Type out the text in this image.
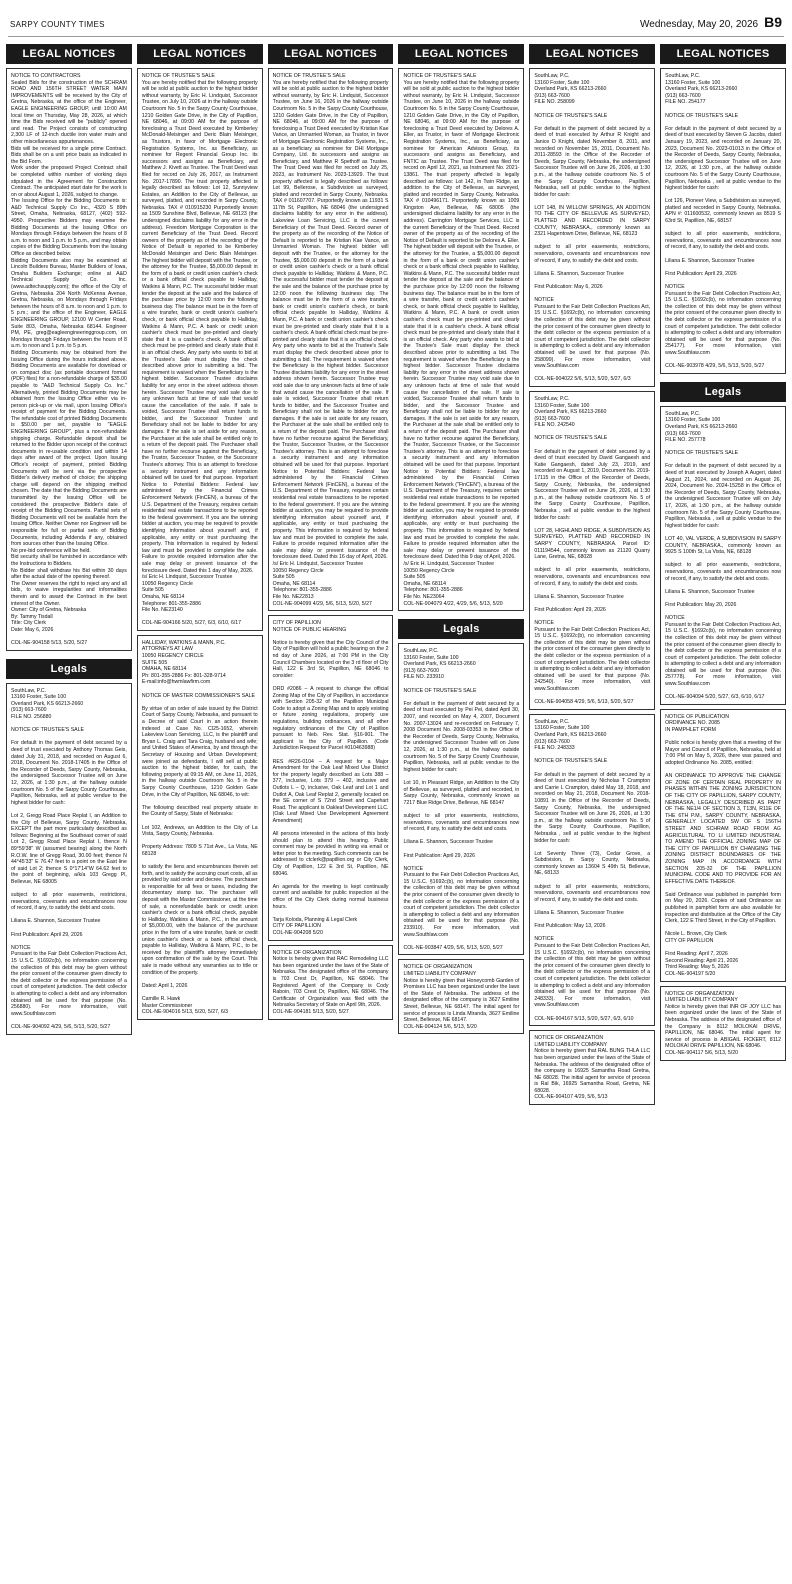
SARPY COUNTY TIMES	Wednesday, May 20, 2026 B9
LEGAL NOTICES
NOTICE TO CONTRACTORS
Sealed Bids for the construction of the SCHRAM ROAD AND 156TH STREET WATER MAIN IMPROVEMENTS will be received by the City of Gretna, Nebraska, at the office of the Engineer, EAGLE ENGINEERING GROUP, until 10:00 AM local time on Thursday, May 28, 2026, at which time the Bids received will be "publicly" opened and read. The Project consists of constructing 2,300 LF of 12-inch ductile iron water main and other miscellaneous appurtenances.
Bids will be received for a single prime Contract. Bids shall be on a unit price basis as indicated in the Bid Form.
Work under the proposed Project Contract shall be completed within number of working days stipulated in the Agreement for Construction Contract. The anticipated start date for the work is on or about August 1, 2026, subject to change.
The Issuing Office for the Bidding Documents is: A&D Technical Supply Co Inc., 4320 S 89th Street, Omaha, Nebraska, 68127, (402) 592-4950. Prospective Bidders may examine the Bidding Documents at the Issuing Office on Mondays through Fridays between the hours of 8 a.m. to noon and 1 p.m. to 5 p.m., and may obtain copies of the Bidding Documents from the Issuing Office as described below.
Bidding Documents also may be examined at Lincoln Builders Bureau, Master Builders of Iowa, Omaha Builders Exchange; online at A&D Technical Supply Co. Inc. (www.adtechsupply.com); the office of the City of Gretna, Nebraska 204 North McKenna Avenue, Gretna, Nebraska, on Mondays through Fridays between the hours of 8 a.m. to noon and 1 p.m. to 5 p.m.; and the office of the Engineer, EAGLE ENGINEERING GROUP, 12100 W Center Road, Suite 803, Omaha, Nebraska 68144. Engineer PM, PE, greg@eagleengineeringgroup.com, on Mondays through Fridays between the hours of 8 a.m. to noon and 1 p.m. to 5 p.m.
Bidding Documents may be obtained from the Issuing Office during the hours indicated above. Bidding Documents are available for download or on compact disc (as portable document format (PDF) files) for a non-refundable charge of $35.00 payable to "A&D Technical Supply Co. Inc." Alternatively, printed Bidding Documents may be obtained from the Issuing Office either via in-person pick-up or via mail, upon Issuing Office's receipt of payment for the Bidding Documents. The refundable cost of printed Bidding Documents is $50.00 per set, payable to "EAGLE ENGINEERING GROUP", plus a non-refundable shipping charge. Refundable deposit shall be returned to the Bidder upon receipt of the contract documents in re-usable condition and within 14 days after award of the project. Upon Issuing Office's receipt of payment, printed Bidding Documents will be sent via the prospective Bidder's delivery method of choice; the shipping charge will depend on the shipping method chosen. The date that the Bidding Documents are transmitted by the Issuing Office will be considered the prospective Bidder's date of receipt of the Bidding Documents. Partial sets of Bidding Documents will not be available from the Issuing Office. Neither Owner nor Engineer will be responsible for full or partial sets of Bidding Documents, including Addenda if any, obtained from sources other than the Issuing Office.
No pre-bid conference will be held.
Bid security shall be furnished in accordance with the Instructions to Bidders.
No Bidder shall withdraw his Bid within 30 days after the actual date of the opening thereof.
The Owner reserves the right to reject any and all bids, to waive irregularities and informalities therein and to award the Contract in the best interest of the Owner.
Owner: City of Gretna, Nebraska
By: Tammy Tisdall
Title: City Clerk
Date: May 6, 2026

COL-NE-904158 5/13, 5/20, 5/27
Legals
SouthLaw, P.C.
13160 Foster, Suite 100
Overland Park, KS 66213-2660
(913) 663-7600
FILE NO. 256880

NOTICE OF TRUSTEE'S SALE

For default in the payment of debt secured by a deed of trust executed by Anthony Thomas Geis, dated July 31, 2018, and recorded on August 6, 2018, Document No. 2018-17405 in the Office of the Recorder of Deeds, Sarpy County, Nebraska, the undersigned Successor Trustee will on June 12, 2026, at 1:30 p.m., at the hallway outside courtroom No. 5 of the Sarpy County Courthouse, Papillion, Nebraska, sell at public vendue to the highest bidder for cash:

Lot 2, Gregg Road Place Replat I, an Addition to the City of Bellevue, Sarpy County, Nebraska, EXCEPT the part more particularly described as follows: Beginning at the Southeast corner of said Lot 2, Gregg Road Place Replat I, thence N 89°59'38" W (assumed bearing) along the North R.O.W. line of Gregg Road, 30.00 feet; thence N 44°45'33" E 76.47 feet to a point on the East line of said Lot 2; thence S 0°17'14"W 64.62 feet to the point of beginning, a/k/a 103 Gregg Pl, Bellevue, NE 68005

subject to all prior easements, restrictions, reservations, covenants and encumbrances now of record, if any, to satisfy the debt and costs.

Liliana E. Shannon, Successor Trustee

First Publication: April 29, 2026

NOTICE
Pursuant to the Fair Debt Collection Practices Act, 15 U.S.C. §1692c(b), no information concerning the collection of this debt may be given without the prior consent of the consumer given directly to the debt collector or the express permission of a court of competent jurisdiction. The debt collector is attempting to collect a debt and any information obtained will be used for that purpose (No. 256880). For more information, visit www.Southlaw.com

COL-NE-904092 4/29, 5/6, 5/13, 5/20, 5/27
LEGAL NOTICES
NOTICE OF TRUSTEE'S SALE
You are hereby notified that the following property will be sold at public auction to the highest bidder without warranty, by Eric H. Lindquist, Successor Trustee, on July 10, 2026 at in the hallway outside Courtroom No. 5 in the Sarpy County Courthouse, 1210 Golden Gate Drive, in the City of Papillion, NE 68046, at 09:00 AM for the purpose of foreclosing a Trust Deed executed by Kimberley McDonald-Meisinger and Deric Blain Meisinger, as Trustors, in favor of Mortgage Electronic Registration Systems, Inc. as Beneficiary, as nominee for Regent Financial Group Inc. its successors and assigns as Beneficiary, and Matthew J. Kivett as Trustee. The Trust Deed was filed for record on July 26, 2017, as Instrument No. 2017-17890. The trust property affected is legally described as follows: Lot 12, Sunnyview Estates, an Addition to the City of Bellevue, as surveyed, platted, and recorded in Sarpy County, Nebraska. TAX # 010915230 Purportedly known as 1509 Sunshine Blvd, Bellevue, NE 68123 (the undersigned disclaims liability for any error in the address). Freedom Mortgage Corporation is the current Beneficiary of the Trust Deed. Record owners of the property as of the recording of the Notice of Default is reported to be Kimberley McDonald Meisinger and Deric Blain Meisinger. The highest bidder will deposit with the Trustee, or the attorney for the Trustee, $5,000.00 deposit in the form of a bank or credit union cashier's check or a bank official check payable to Halliday, Watkins & Mann, P.C. The successful bidder must tender the deposit at the sale and the balance of the purchase price by 12:00 noon the following business day. The balance must be in the form of a wire transfer, bank or credit union's cashier's check, or bank official check payable to Halliday, Watkins & Mann, P.C. A bank or credit union cashier's check must be pre-printed and clearly state that it is a cashier's check. A bank official check must be pre-printed and clearly state that it is an official check. Any party who wants to bid at the Trustee's Sale must display the check described above prior to submitting a bid. The requirement is waived when the Beneficiary is the highest bidder. Successor Trustee disclaims liability for any error in the street address shown herein. Successor Trustee may void sale due to any unknown facts at time of sale that would cause the cancellation of the sale. If sale is voided, Successor Trustee shall return funds to bidder, and the Successor Trustee and Beneficiary shall not be liable to bidder for any damages. If the sale is set aside for any reason, the Purchaser at the sale shall be entitled only to a return of the deposit paid. The Purchaser shall have no further recourse against the Beneficiary, the Trustor, Successor Trustee, or the Successor Trustee's attorney. This is an attempt to foreclose a security instrument and any information obtained will be used for that purpose. Important Notice to Potential Bidders: Federal law administered by the Financial Crimes Enforcement Network (FinCEN), a bureau of the U.S. Department of the Treasury, requires certain residential real estate transactions to be reported to the federal government. If you are the winning bidder at auction, you may be required to provide identifying information about yourself and, if applicable, any entity or trust purchasing the property. This information is required by federal law and must be provided to complete the sale. Failure to provide required information after the sale may delay or prevent issuance of the foreclosure deed. Dated this 1 day of May, 2026.
/s/ Eric H. Lindquist, Successor Trustee
10050 Regency Circle
Suite 505
Omaha, NE 68114
Telephone: 801-355-2886
File No. NE23140

COL-NE-904166 5/20, 5/27, 6/3, 6/10, 6/17
HALLIDAY, WATKINS & MANN, P.C.
ATTORNEYS AT LAW
10050 REGENCY CIRCLE
SUITE 505
OMAHA, NE 68114
Ph: 801-355-2886 Fx: 801-328-9714
E-mail:info@hwmlawfirm.com

NOTICE OF MASTER COMMISSIONER'S SALE

By virtue of an order of sale issued by the District Court of Sarpy County, Nebraska, and pursuant to a Decree of said Court in an action therein indexed at Case No. CI25-1652, wherein Lakeview Loan Servicing, LLC, is the plaintiff and Bryan L. Craig and Tara Craig, husband and wife; and United States of America, by and through the Secretary of Housing and Urban Development; were joined as defendants, I will sell at public auction to the highest bidder, for cash, the following property at 09:15 AM, on June 11, 2026, in the hallway outside Courtroom No. 5 in the Sarpy County Courthouse, 1210 Golden Gate Drive, in the City of Papillion, NE 68046, to wit:

The following described real property situate in the County of Sarpy, State of Nebraska:

Lot 102, Andrews, an Addition to the City of La Vista, Sarpy County, Nebraska.

Property Address: 7809 S 71st Ave., La Vista, NE 68128

to satisfy the liens and encumbrances therein set forth, and to satisfy the accruing court costs, all as provided by said order and decree. The purchaser is responsible for all fees or taxes, including the documentary stamp tax. The purchaser will deposit with the Master Commissioner, at the time of sale, a nonrefundable bank or credit union cashier's check or a bank official check, payable to Halliday, Watkins & Mann, P.C., in the amount of $5,000.00, with the balance of the purchase price in the form of a wire transfer, bank or credit union cashier's check or a bank official check, payable to Halliday, Watkins & Mann, P.C., to be received by the plaintiff's attorney immediately upon confirmation of the sale by the Court. This sale is made without any warranties as to title or condition of the property.

Dated: April 1, 2026

Camille R. Hawk
Master Commissioner
COL-NE-904016 5/13, 5/20, 5/27, 6/3
LEGAL NOTICES
NOTICE OF TRUSTEE'S SALE
You are hereby notified that the following property will be sold at public auction to the highest bidder without warranty, by Eric H. Lindquist, Successor Trustee, on June 16, 2026 in the hallway outside Courtroom No. 5 in the Sarpy County Courthouse, 1210 Golden Gate Drive, in the City of Papillion, NE 68046, at 09:00 AM for the purpose of foreclosing a Trust Deed executed by Kristian Kae Vance, an Unmarried Woman, as Trustor, in favor of Mortgage Electronic Registration Systems, Inc., as a beneficiary as nominee for DHI Mortgage Company, Ltd. its successors and assigns as Beneficiary, and Matthew R Spethoff as Trustee. The Trust Deed was filed for record on July 25, 2023, as Instrument No. 2023-13929. The trust property affected is legally described as follows: Lot 99, Bellerose, a Subdivision as surveyed, platted and recorded in Sarpy County, Nebraska. TAX # 011607707. Purportedly known as 11931 S 117th St, Papillion, NE 68046 (the undersigned disclaims liability for any error in the address). Lakeview Loan Servicing, LLC is the current Beneficiary of the Trust Deed. Record owner of the property as of the recording of the Notice of Default is reported to be Kristian Kae Vance, an Unmarried Woman. The highest bidder will deposit with the Trustee, or the attorney for the Trustee, $5,000.00 deposit in the form of a bank or credit union cashier's check or a bank official check payable to Halliday, Watkins & Mann, P.C. The successful bidder must tender the deposit at the sale and the balance of the purchase price by 12:00 noon the following business day. The balance must be in the form of a wire transfer, bank or credit union's cashier's check, or bank official check payable to Halliday, Watkins & Mann, P.C. A bank or credit union cashier's check must be pre-printed and clearly state that it is a cashier's check. A bank official check must be pre-printed and clearly state that it is an official check. Any party who wants to bid at the Trustee's Sale must display the check described above prior to submitting a bid. The requirement is waived when the Beneficiary is the highest bidder. Successor Trustee disclaims liability for any error in the street address shown herein. Successor Trustee may void sale due to any unknown facts at time of sale that would cause the cancellation of the sale. If sale is voided, Successor Trustee shall return funds to bidder, and the Successor Trustee and Beneficiary shall not be liable to bidder for any damages. If the sale is set aside for any reason, the Purchaser at the sale shall be entitled only to a return of the deposit paid. The Purchaser shall have no further recourse against the Beneficiary, the Trustor, Successor Trustee, or the Successor Trustee's attorney. This is an attempt to foreclose a security instrument and any information obtained will be used for that purpose. Important Notice to Potential Bidders: Federal law administered by the Financial Crimes Enforcement Network (FinCEN), a bureau of the U.S. Department of the Treasury, requires certain residential real estate transactions to be reported to the federal government. If you are the winning bidder at auction, you may be required to provide identifying information about yourself and, if applicable, any entity or trust purchasing the property. This information is required by federal law and must be provided to complete the sale. Failure to provide required information after the sale may delay or prevent issuance of the foreclosure deed. Dated this 16 day of April, 2026.
/s/ Eric H. Lindquist, Successor Trustee
10050 Regency Circle
Suite 505
Omaha, NE 68114
Telephone: 801-355-2886
File No. NE22813
COL-NE-904099 4/29, 5/6, 5/13, 5/20, 5/27
CITY OF PAPILLION
NOTICE OF PUBLIC HEARING

Notice is hereby given that the City Council of the City of Papillion will hold a public hearing on the 2 nd day of June 2026, at 7:00 PM in the City Council Chambers located on the 3 rd floor of City Hall, 122 E 3rd St, Papillion, NE 68046 to consider:

ORD #2086 – A request to change the official Zoning Map of the City of Papillion, in accordance with Section 205-32 of the Papillion Municipal Code to adopt a Zoning Map and to apply existing or future zoning regulations, property use regulations, building ordinances, and all other regulatory ordinances of the City of Papillion pursuant to Neb. Rev. Stat. §16-901. The applicant is the City of Papillion. (Code Jurisdiction Request for Parcel #010463988)

RES #R26-0104 – A request for a Major Amendment for the Oak Leaf Mixed Use District for the property legally described as Lots 388 – 377, inclusive, Lots 379 – 402, inclusive and Outlots L – Q, inclusive, Oak Leaf and Lot 1 and Outlot A, Oak Leaf Replat 2, generally located on the SE corner of S 72nd Street and Capehart Road. The applicant is Oakleaf Development LLC. (Oak Leaf Mixed Use Development Agreement Amendment)

All persons interested in the actions of this body should plan to attend this hearing. Public comment may be provided in writing via email or letter prior to the meeting. Such comments can be addressed to ctclerk@papillion.org or City Clerk, City of Papillion, 122 E 3rd St, Papillion, NE 68046.

An agenda for the meeting is kept continually current and available for public inspection at the office of the City Clerk during normal business hours.

Tarja Koloda, Planning & Legal Clerk
CITY OF PAPILLION
COL-NE-904208 5/20
NOTICE OF ORGANIZATION
Notice is hereby given that RAC Remodeling LLC has been organized under the laws of the State of Nebraska. The designated office of the company is 703 Crest Dr, Papillion, NE 68046. The Registered Agent of the Company is Cody Raboin, 703 Crest Dr, Papillion, NE 68046. The Certificate of Organization was filed with the Nebraska Secretary of State on April 9th, 2026.
COL-NE-904181 5/13, 5/20, 5/27
LEGAL NOTICES
NOTICE OF TRUSTEE'S SALE
You are hereby notified that the following property will be sold at public auction to the highest bidder without warranty, by Eric H. Lindquist, Successor Trustee, on June 10, 2026 in the hallway outside Courtroom No. 5 in the Sarpy County Courthouse, 1210 Golden Gate Drive, in the City of Papillion, NE 68046, at 09:00 AM for the purpose of foreclosing a Trust Deed executed by Delores A. Eller, as Trustor, in favor of Mortgage Electronic Registration Systems, Inc., as Beneficiary, as nominee for American Advisors Group, its successors and assigns as Beneficiary, and FNTIC as Trustee. The Trust Deed was filed for record on April 12, 2021, as Instrument No. 2021-13861. The trust property affected is legally described as follows: Lot 142, in Twin Ridge, an addition to the City of Bellevue, as surveyed, platted and recorded in Sarpy County, Nebraska. TAX # 010496171. Purportedly known as 1009 Kingston Ave, Bellevue, NE 68005 (the undersigned disclaims liability for any error in the address). Carrington Mortgage Services, LLC is the current Beneficiary of the Trust Deed. Record owner of the property as of the recording of the Notice of Default is reported to be Delores A. Eller. The highest bidder will deposit with the Trustee, or the attorney for the Trustee, a $5,000.00 deposit in the form of a bank or credit union cashier's check or a bank official check payable to Halliday, Watkins & Mann, P.C. The successful bidder must tender the deposit at the sale and the balance of the purchase price by 12:00 noon the following business day. The balance must be in the form of a wire transfer, bank or credit union's cashier's check, or bank official check payable to Halliday, Watkins & Mann, P.C. A bank or credit union cashier's check must be pre-printed and clearly state that it is a cashier's check. A bank official check must be pre-printed and clearly state that it is an official check. Any party who wants to bid at the Trustee's Sale must display the check described above prior to submitting a bid. The requirement is waived when the Beneficiary is the highest bidder. Successor Trustee disclaims liability for any error in the street address shown herein. Successor Trustee may void sale due to any unknown facts at time of sale that would cause the cancellation of the sale. If sale is voided, Successor Trustee shall return funds to bidder, and the Successor Trustee and Beneficiary shall not be liable to bidder for any damages. If the sale is set aside for any reason, the Purchaser at the sale shall be entitled only to a return of the deposit paid. The Purchaser shall have no further recourse against the Beneficiary, the Trustor, Successor Trustee, or the Successor Trustee's attorney. This is an attempt to foreclose a security instrument and any information obtained will be used for that purpose. Important Notice to Potential Bidders: Federal law administered by the Financial Crimes Enforcement Network ("FinCEN"), a bureau of the U.S. Department of the Treasury, requires certain residential real estate transactions to be reported to the federal government. If you are the winning bidder at auction, you may be required to provide identifying information about yourself and, if applicable, any entity or trust purchasing the property. This information is required by federal law and must be provided to complete the sale. Failure to provide required information after the sale may delay or prevent issuance of the foreclosure deed. Dated this 9 day of April, 2026.
/s/ Eric H. Lindquist, Successor Trustee
10050 Regency Circle
Suite 505
Omaha, NE 68114
Telephone: 801-355-2886
File No. NE23064
COL-NE-904079 4/22, 4/29, 5/6, 5/13, 5/20
Legals
SouthLaw, P.C.
13160 Foster, Suite 100
Overland Park, KS 66213-2660
(913) 663-7600
FILE NO. 233910

NOTICE OF TRUSTEE'S SALE

For default in the payment of debt secured by a deed of trust executed by Pei Pei, dated April 30, 2007, and recorded on May 4, 2007, Document No. 2007-13024 and re-recorded on February 7, 2008 Document No. 2008-03353 in the Office of the Recorder of Deeds, Sarpy County, Nebraska, the undersigned Successor Trustee will on June 12, 2026, at 1:30 p.m., at the hallway outside courtroom No. 5 of the Sarpy County Courthouse, Papillion, Nebraska, sell at public vendue to the highest bidder for cash:

Lot 10, in Pleasant Ridge, an Addition to the City of Bellevue, as surveyed, platted and recorded, in Sarpy County, Nebraska, commonly known as 7217 Blue Ridge Drive, Bellevue, NE 68147

subject to all prior easements, restrictions, reservations, covenants and encumbrances now of record, if any, to satisfy the debt and costs.

Liliana E. Shannon, Successor Trustee

First Publication: April 29, 2026

NOTICE
Pursuant to the Fair Debt Collection Practices Act, 15 U.S.C. §1692c(b), no information concerning the collection of this debt may be given without the prior consent of the consumer given directly to the debt collector or the express permission of a court of competent jurisdiction. The debt collector is attempting to collect a debt and any information obtained will be used for that purpose (No. 233910). For more information, visit www.Southlaw.com

COL-NE-903847 4/29, 5/6, 5/13, 5/20, 5/27
NOTICE OF ORGANIZATION
LIMITED LIABILITY COMPANY
Notice is hereby given that Honeycomb Garden of Promises LLC has been organized under the laws of the State of Nebraska. The address of the designated office of the company is 3627 Emiline Street, Bellevue, NE 68147. The initial agent for service of process is Linda Miranda, 3627 Emiline Street, Bellevue, NE 68147.
COL-NE-904124 5/6, 5/13, 5/20
LEGAL NOTICES
SouthLaw, P.C.
13160 Foster, Suite 100
Overland Park, KS 66213-2660
(913) 663-7600
FILE NO. 258099

NOTICE OF TRUSTEE'S SALE

For default in the payment of debt secured by a deed of trust executed by Arthur R Knight and Janice D Knight, dated November 8, 2011, and recorded on November 15, 2011, Document No. 2011-28593 in the Office of the Recorder of Deeds, Sarpy County, Nebraska, the undersigned Successor Trustee will on June 26, 2026, at 1:30 p.m., at the hallway outside courtroom No. 5 of the Sarpy County Courthouse, Papillion, Nebraska, sell at public vendue to the highest bidder for cash:

LOT 148, IN WILLOW SPRINGS, AN ADDITION TO THE CITY OF BELLEVUE AS SURVEYED, PLATTED AND RECORDED IN SARPY COUNTY, NEBRASKA., commonly known as 2321 Hagentown Drive, Bellevue, NE, 68123

subject to all prior easements, restrictions, reservations, covenants and encumbrances now of record, if any, to satisfy the debt and costs.

Liliana E. Shannon, Successor Trustee

First Publication: May 6, 2026

NOTICE
Pursuant to the Fair Debt Collection Practices Act, 15 U.S.C. §1692c(b), no information concerning the collection of this debt may be given without the prior consent of the consumer given directly to the debt collector or the express permission of a court of competent jurisdiction. The debt collector is attempting to collect a debt and any information obtained will be used for that purpose (No. 258099). For more information, visit www.Southlaw.com

COL-NE-904022 5/6, 5/13, 5/20, 5/27, 6/3
SouthLaw, P.C.
13160 Foster, Suite 100
Overland Park, KS 66213-2660
(913) 663-7600
FILE NO. 242540

NOTICE OF TRUSTEE'S SALE

For default in the payment of debt secured by a deed of trust executed by David Gangaesh and Katie Gangaesh, dated July 23, 2019, and recorded on August 1, 2019, Document No. 2019-17115 in the Office of the Recorder of Deeds, Sarpy County, Nebraska, the undersigned Successor Trustee will on June 26, 2026, at 1:30 p.m., at the hallway outside courtroom No. 5 of the Sarpy County Courthouse, Papillion, Nebraska , sell at public vendue to the highest bidder for cash:

LOT 28, HIGHLAND RIDGE, A SUBDIVISION AS SURVEYED, PLATTED AND RECORDED IN SARPY COUNTY, NEBRASKA. Parcel ID: 011194544, commonly known as 21120 Quarry Lane, Gretna, NE, 68028

subject to all prior easements, restrictions, reservations, covenants and encumbrances now of record, if any, to satisfy the debt and costs.

Liliana E. Shannon, Successor Trustee

First Publication: April 29, 2026

NOTICE
Pursuant to the Fair Debt Collection Practices Act, 15 U.S.C. §1692c(b), no information concerning the collection of this debt may be given without the prior consent of the consumer given directly to the debt collector or the express permission of a court of competent jurisdiction. The debt collector is attempting to collect a debt and any information obtained will be used for that purpose (No. 242540). For more information, visit www.Southlaw.com

COL-NE-904058 4/29, 5/6, 5/13, 5/20, 5/27
SouthLaw, P.C.
13160 Foster, Suite 100
Overland Park, KS 66213-2660
(913) 663-7600
FILE NO. 248333

NOTICE OF TRUSTEE'S SALE

For default in the payment of debt secured by a deed of trust executed by Nicholas T Crampton and Carrie L Crampton, dated May 18, 2018, and recorded on May 21, 2018, Document No. 2018-10891 in the Office of the Recorder of Deeds, Sarpy County, Nebraska, the undersigned Successor Trustee will on June 26, 2026, at 1:30 p.m., at the hallway outside courtroom No. 5 of the Sarpy County Courthouse, Papillion, Nebraska , sell at public vendue to the highest bidder for cash:

Lot Seventy Three (73), Cedar Grove, a Subdivision, in Sarpy County, Nebraska, commonly known as 13604 S 49th St, Bellevue, NE, 68133

subject to all prior easements, restrictions, reservations, covenants and encumbrances now of record, if any, to satisfy the debt and costs.

Liliana E. Shannon, Successor Trustee

First Publication: May 13, 2026

NOTICE
Pursuant to the Fair Debt Collection Practices Act, 15 U.S.C. §1692c(b), no information concerning the collection of this debt may be given without the prior consent of the consumer given directly to the debt collector or the express permission of a court of competent jurisdiction. The debt collector is attempting to collect a debt and any information obtained will be used for that purpose (No. 248333). For more information, visit www.Southlaw.com

COL-NE-904167 5/13, 5/20, 5/27, 6/3, 6/10
NOTICE OF ORGANIZATION
LIMITED LIABILITY COMPANY
Notice is hereby given that RAL BUNG THLA LLC has been organized under the laws of the State of Nebraska. The address of the designated office of the company is 16925 Samantha Road Gretna, NE 68028. The initial agent for service of process is Ral Bik, 16925 Samantha Road, Gretna, NE 68028.
COL-NE-904107 4/29, 5/6, 5/13
LEGAL NOTICES
SouthLaw, P.C.
13160 Foster, Suite 100
Overland Park, KS 66213-2660
(913) 663-7600
FILE NO. 254177

NOTICE OF TRUSTEE'S SALE

For default in the payment of debt secured by a deed of trust executed by Steven G Jacobs, dated January 19, 2023, and recorded on January 20, 2023, Document No. 2023-01013 in the Office of the Recorder of Deeds, Sarpy County, Nebraska, the undersigned Successor Trustee will on June 12, 2026, at 1:30 p.m., at the hallway outside courtroom No. 5 of the Sarpy County Courthouse, Papillion, Nebraska , sell at public vendue to the highest bidder for cash:

Lot 126, Pioneer View, a Subdivision as surveyed, platted and recorded in Sarpy County, Nebraska. APN #: 011600532, commonly known as 8519 S 63rd St, Papillion, NE, 68157

subject to all prior easements, restrictions, reservations, covenants and encumbrances now of record, if any, to satisfy the debt and costs.

Liliana E. Shannon, Successor Trustee

First Publication: April 29, 2026

NOTICE
Pursuant to the Fair Debt Collection Practices Act, 15 U.S.C. §1692c(b), no information concerning the collection of this debt may be given without the prior consent of the consumer given directly to the debt collector or the express permission of a court of competent jurisdiction. The debt collector is attempting to collect a debt and any information obtained will be used for that purpose (No. 254177). For more information, visit www.Southlaw.com

COL-NE-903978 4/29, 5/6, 5/13, 5/20, 5/27
Legals
SouthLaw, P.C.
13160 Foster, Suite 100
Overland Park, KS 66213-2660
(913) 663-7600
FILE NO. 257778

NOTICE OF TRUSTEE'S SALE

For default in the payment of debt secured by a deed of trust executed by Joseph A Augeri, dated August 21, 2024, and recorded on August 26, 2024, Document No. 2024-15258 in the Office of the Recorder of Deeds, Sarpy County, Nebraska, the undersigned Successor Trustee will on July 17, 2026, at 1:30 p.m., at the hallway outside courtroom No. 5 of the Sarpy County Courthouse, Papillion, Nebraska , sell at public vendue to the highest bidder for cash:

LOT 40, VAL VERDE, A SUBDIVISION IN SARPY COUNTY, NEBRASKA., commonly known as 9925 S 100th St, La Vista, NE, 68128

subject to all prior easements, restrictions, reservations, covenants and encumbrances now of record, if any, to satisfy the debt and costs.

Liliana E. Shannon, Successor Trustee

First Publication: May 20, 2026

NOTICE
Pursuant to the Fair Debt Collection Practices Act, 15 U.S.C. §1692c(b), no information concerning the collection of this debt may be given without the prior consent of the consumer given directly to the debt collector or the express permission of a court of competent jurisdiction. The debt collector is attempting to collect a debt and any information obtained will be used for that purpose (No. 257778). For more information, visit www.Southlaw.com

COL-NE-904094 5/20, 5/27, 6/3, 6/10, 6/17
NOTICE OF PUBLICATION
ORDINANCE NO. 2085
IN PAMPHLET FORM

Public notice is hereby given that a meeting of the Mayor and Council of Papillion, Nebraska, held at 7:00 PM on May 5, 2026, there was passed and adopted Ordinance No. 2085, entitled:

AN ORDINANCE TO APPROVE THE CHANGE OF ZONE OF CERTAIN REAL PROPERTY IN PHASES WITHIN THE ZONING JURISDICTION OF THE CITY OF PAPILLION, SARPY COUNTY, NEBRASKA, LEGALLY DESCRIBED AS PART OF THE NE1/4 OF SECTION 3, T13N, R11E OF THE 6TH P.M., SARPY COUNTY, NEBRASKA, GENERALLY LOCATED SW OF S 156TH STREET AND SCHRAM ROAD FROM AG AGRICULTURAL TO LI LIMITED INDUSTRIAL TO AMEND THE OFFICIAL ZONING MAP OF THE CITY OF PAPILLION BY CHANGING THE ZONING DISTRICT BOUNDARIES OF THE ZONING MAP IN ACCORDANCE WITH SECTION 205-32 OF THE PAPILLION MUNICIPAL CODE AND TO PROVIDE FOR AN EFFECTIVE DATE THEREOF.

Said Ordinance was published in pamphlet form on May 20, 2026. Copies of said Ordinance as published in pamphlet form are also available for inspection and distribution at the Office of the City Clerk, 122 E Third Street, in the City of Papillion.

Nicole L. Brown, City Clerk
CITY OF PAPILLION

First Reading: April 7, 2026
Second Reading: April 21, 2026
Third Reading: May 5, 2026
COL-NE-904197 5/20
NOTICE OF ORGANIZATION
LIMITED LIABILITY COMPANY
Notice is hereby given that INR OF JOY LLC has been organized under the laws of the State of Nebraska. The address of the designated office of the Company is 8112 MOLOKAI DRIVE, PAPILLION, NE 68046. The initial agent for service of process is ABIGAIL FICKERT, 8112 MOLOKAI DRIVE PAPILLION, NE 68046.
COL-NE-904117 5/6, 5/13, 5/20
